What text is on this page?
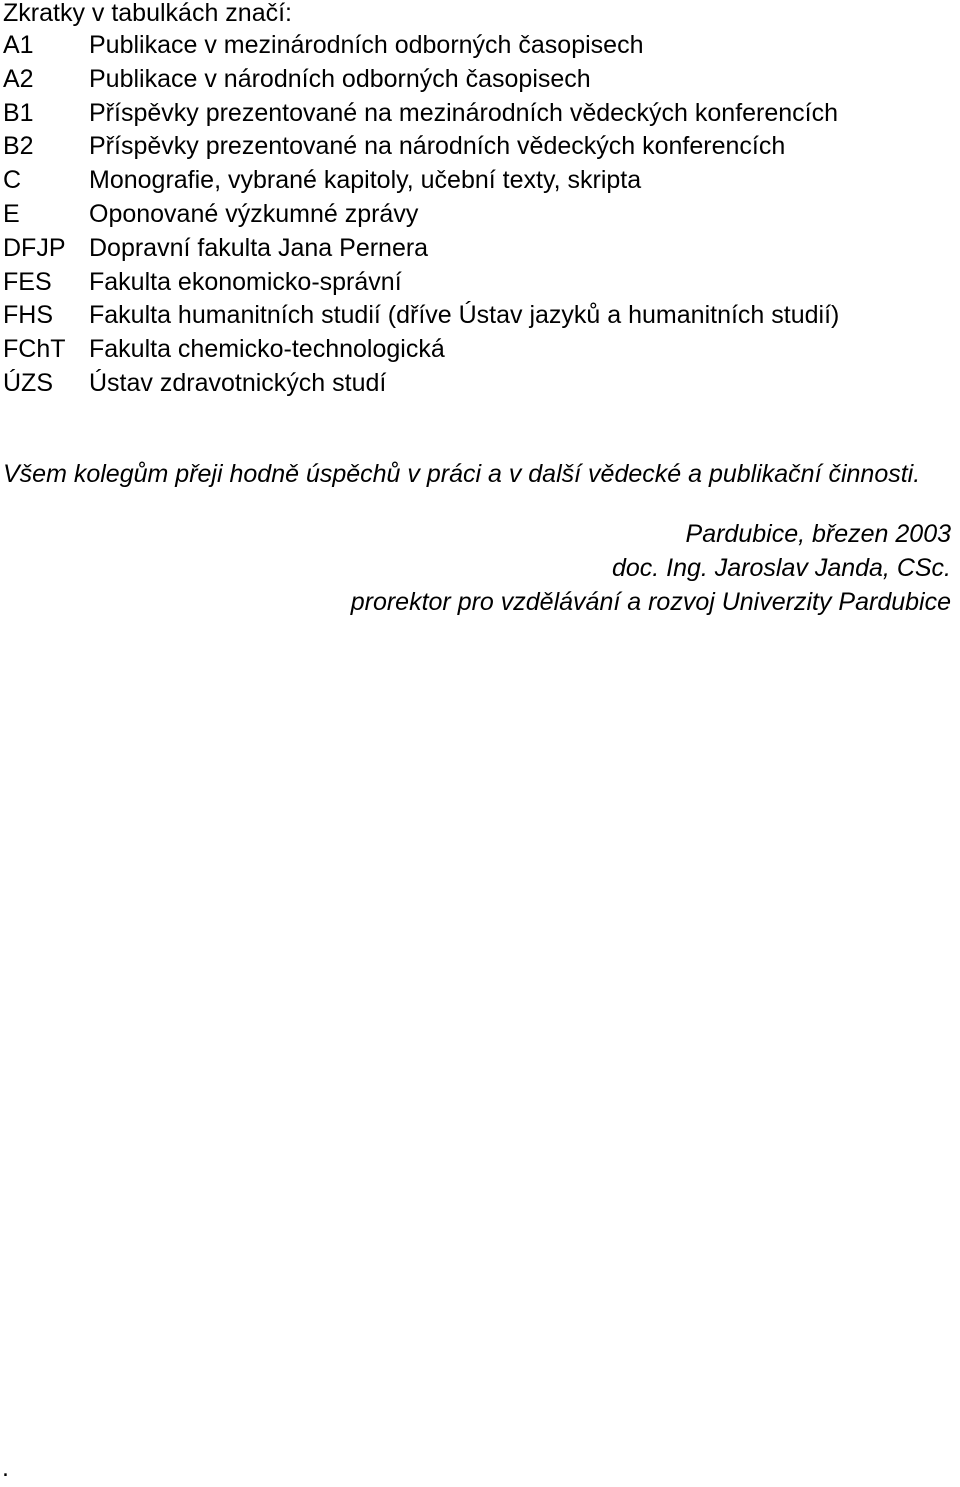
Zkratky v tabulkách značí:
A1 Publikace v mezinárodních odborných časopisech
A2 Publikace v národních odborných časopisech
B1 Příspěvky prezentované na mezinárodních vědeckých konferencích
B2 Příspěvky prezentované na národních vědeckých konferencích
C	Monografie, vybrané kapitoly, učební texty, skripta
E	Oponované výzkumné zprávy
DFJP Dopravní fakulta Jana Pernera
FES Fakulta ekonomicko-správní
FHS Fakulta humanitních studií (dříve Ústav jazyků a humanitních studií)
FChT Fakulta chemicko-technologická
ÚZS Ústav zdravotnických studí

Všem kolegům přeji hodně úspěchů v práci a v další vědecké a publikační činnosti.

Pardubice, březen 2003
doc. Ing. Jaroslav Janda, CSc.
prorektor pro vzdělávání a rozvoj Univerzity Pardubice
.
